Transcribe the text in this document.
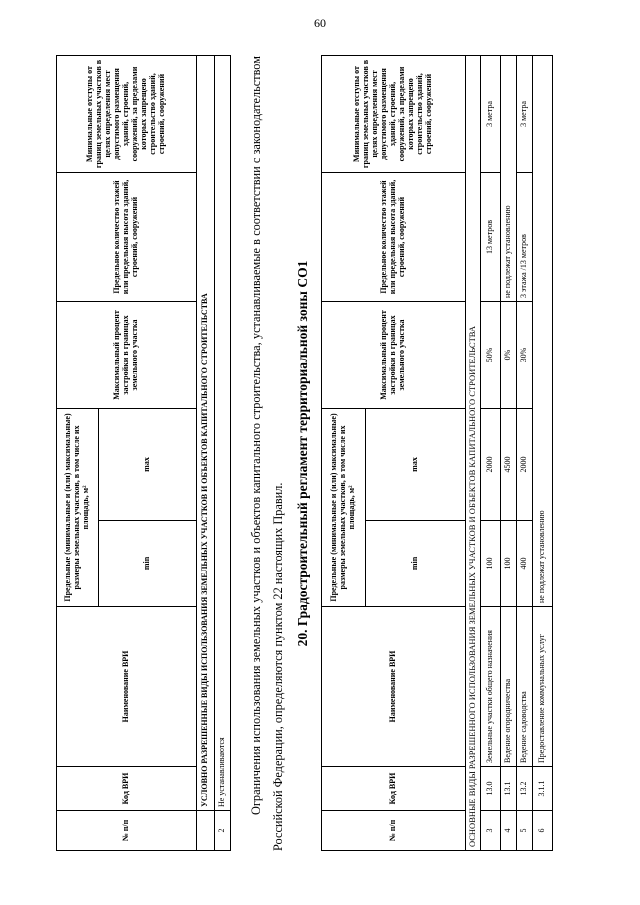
60
№ п/п	Код ВРИ	Наименование ВРИ	Предельные (минимальные и (или) максимальные) размеры земельных участков, в том числе их площадь, м²		Максимальный процент застройки в границах земельного участка	Предельное количество этажей или предельная высота зданий, строений, сооружений	Минимальные отступы от границ земельных участков в целях определения мест допустимого размещения зданий, строений, сооружений, за пределами которых запрещено строительство зданий, строений, сооружений
			min	max			
	УСЛОВНО РАЗРЕШЕННЫЕ ВИДЫ ИСПОЛЬЗОВАНИЯ ЗЕМЕЛЬНЫХ УЧАСТКОВ И ОБЪЕКТОВ КАПИТАЛЬНОГО СТРОИТЕЛЬСТВА						
2	Не устанавливаются							Ограничения использования земельных участков и объектов капитального строительства, устанавливаемые в соответствии с законодательством Российской Федерации, определяются пунктом 22 настоящих Правил.

20. Градостроительный регламент территориальной зоны СО1
№ п/п	Код ВРИ	Наименование ВРИ	Предельные (минимальные и (или) максимальные) размеры земельных участков, в том числе их площадь, м²		Максимальный процент застройки в границах земельного участка	Предельное количество этажей или предельная высота зданий, строений, сооружений	Минимальные отступы от границ земельных участков в целях определения мест допустимого размещения зданий, строений, сооружений, за пределами которых запрещено строительство зданий, строений, сооружений
			min	max			
ОСНОВНЫЕ ВИДЫ РАЗРЕШЕННОГО ИСПОЛЬЗОВАНИЯ ЗЕМЕЛЬНЫХ УЧАСТКОВ И ОБЪЕКТОВ КАПИТАЛЬНОГО СТРОИТЕЛЬСТВА							
3	13.0	Земельные участки общего назначения	100	2000	50%	13 метров	3 метра
4	13.1	Ведение огородничества	100	4500	0%	не подлежат установлению	
5	13.2	Ведение садоводства	400	2000	30%	3 этажа /13 метров	3 метра
6	3.1.1	Предоставление коммунальных услуг	не подлежат установлению				
